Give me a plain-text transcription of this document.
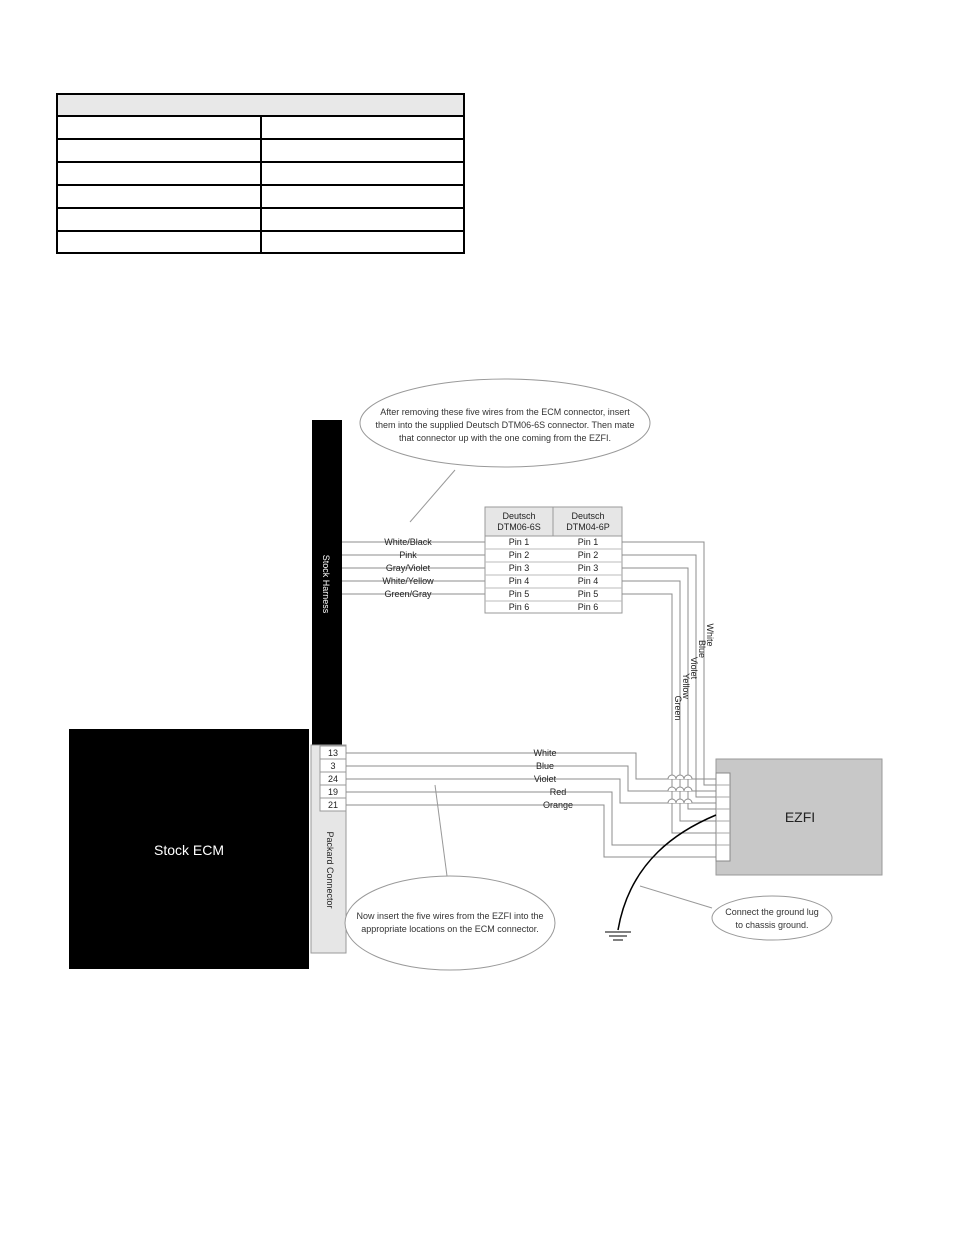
After removing these five wires from the ECM connector, insert
them into the supplied Deutsch DTM06-6S connector. Then mate
that connector up with the one coming from the EZFI.
Stock Harness
White/Black
Pink
Gray/Violet
White/Yellow
Green/Gray
Deutsch
DTM06-6S
Deutsch
DTM04-6P
Pin 1
Pin 2
Pin 3
Pin 4
Pin 5
Pin 6
Pin 1
Pin 2
Pin 3
Pin 4
Pin 5
Pin 6
White
Blue
Violet
Yellow
Green
Stock ECM	Packard Connector
13
3
24
19
21
White
Blue
Violet
Red
Orange
EZFI
Now insert the five wires from the EZFI into the
appropriate locations on the ECM connector.
Connect the ground lug
to chassis ground.
